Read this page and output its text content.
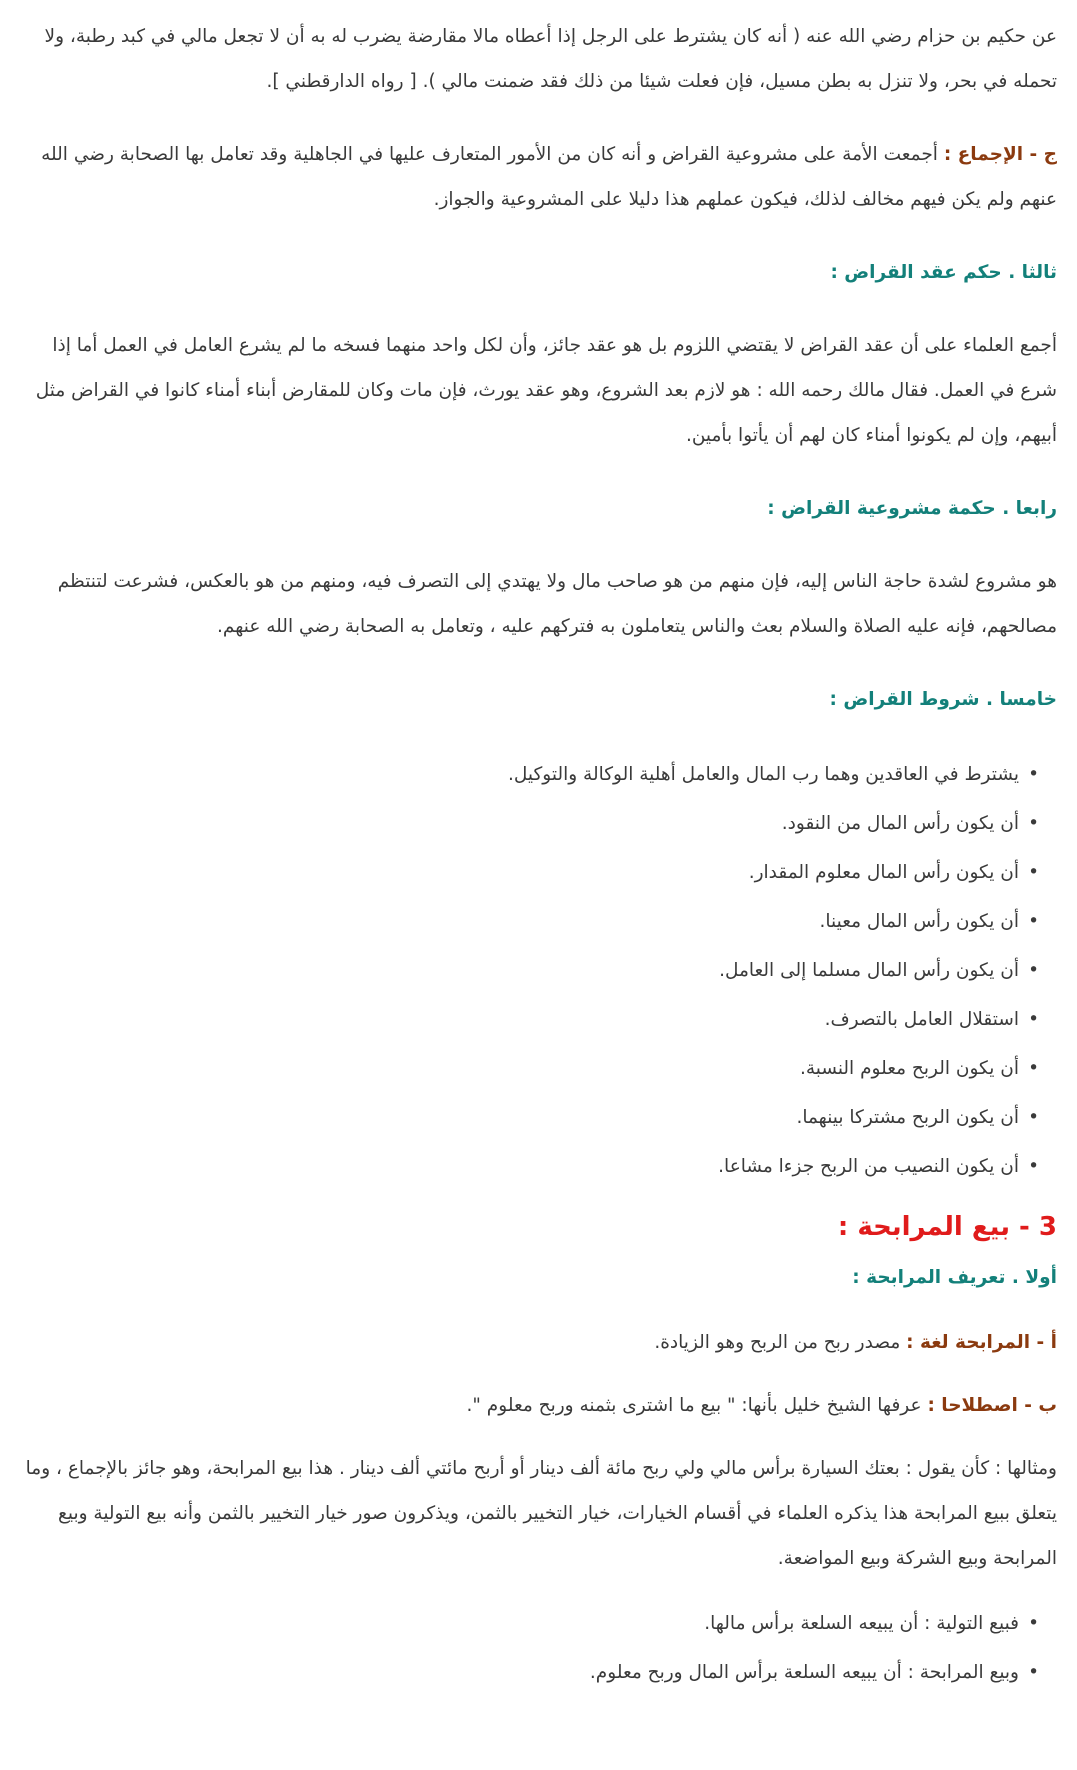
عن حكيم بن حزام رضي الله عنه ( أنه كان يشترط على الرجل إذا أعطاه مالا مقارضة يضرب له به أن لا تجعل مالي في كبد رطبة، ولا تحمله في بحر، ولا تنزل به بطن مسيل، فإن فعلت شيئا من ذلك فقد ضمنت مالي ). [ رواه الدارقطني ].

ج - الإجماع : أجمعت الأمة على مشروعية القراض و أنه كان من الأمور المتعارف عليها في الجاهلية وقد تعامل بها الصحابة رضي الله عنهم ولم يكن فيهم مخالف لذلك، فيكون عملهم هذا دليلا على المشروعية والجواز.

ثالثا . حكم عقد القراض :

أجمع العلماء على أن عقد القراض لا يقتضي اللزوم بل هو عقد جائز، وأن لكل واحد منهما فسخه ما لم يشرع العامل في العمل أما إذا شرع في العمل. فقال مالك رحمه الله : هو لازم بعد الشروع، وهو عقد يورث، فإن مات وكان للمقارض أبناء أمناء كانوا في القراض مثل أبيهم، وإن لم يكونوا أمناء كان لهم أن يأتوا بأمين.

رابعا . حكمة مشروعية القراض :

هو مشروع لشدة حاجة الناس إليه، فإن منهم من هو صاحب مال ولا يهتدي إلى التصرف فيه، ومنهم من هو بالعكس، فشرعت لتنتظم مصالحهم، فإنه عليه الصلاة والسلام بعث والناس يتعاملون به فتركهم عليه ، وتعامل به الصحابة رضي الله عنهم.

خامسا . شروط القراض :
• يشترط في العاقدين وهما رب المال والعامل أهلية الوكالة والتوكيل.
• أن يكون رأس المال من النقود.
• أن يكون رأس المال معلوم المقدار.
• أن يكون رأس المال معينا.
• أن يكون رأس المال مسلما إلى العامل.
• استقلال العامل بالتصرف.
• أن يكون الربح معلوم النسبة.
• أن يكون الربح مشتركا بينهما.
• أن يكون النصيب من الربح جزءا مشاعا.
3 - بيع المرابحة :
أولا . تعريف المرابحة :

أ - المرابحة لغة : مصدر ربح من الربح وهو الزيادة.

ب - اصطلاحا : عرفها الشيخ خليل بأنها: " بيع ما اشترى بثمنه وربح معلوم ".

ومثالها : كأن يقول : بعتك السيارة برأس مالي ولي ربح مائة ألف دينار أو أربح مائتي ألف دينار . هذا بيع المرابحة، وهو جائز بالإجماع ، وما يتعلق ببيع المرابحة هذا يذكره العلماء في أقسام الخيارات، خيار التخيير بالثمن، ويذكرون صور خيار التخيير بالثمن وأنه بيع التولية وبيع المرابحة وبيع الشركة وبيع المواضعة.

• فبيع التولية : أن يبيعه السلعة برأس مالها.
• وبيع المرابحة : أن يبيعه السلعة برأس المال وربح معلوم.
